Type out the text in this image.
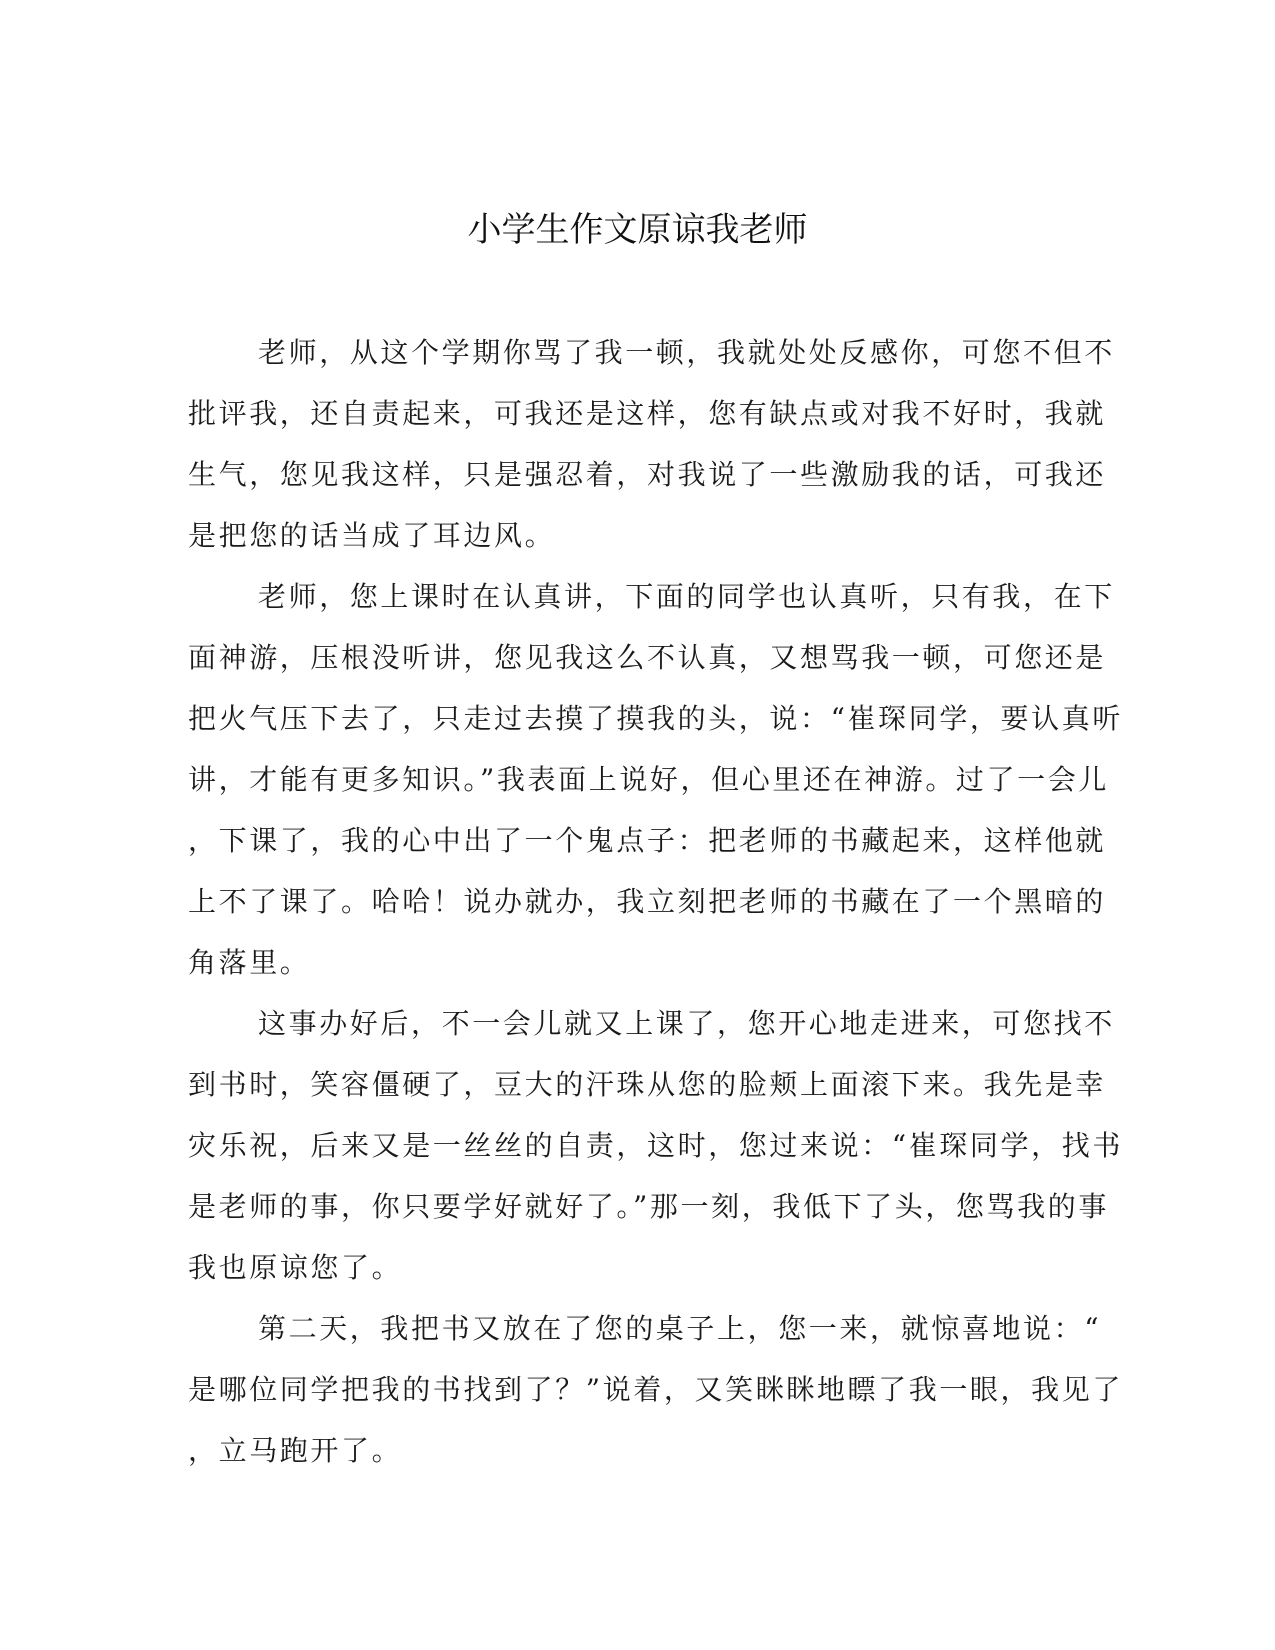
小学生作文原谅我老师
老师，从这个学期你骂了我一顿，我就处处反感你，可您不但不
批评我，还自责起来，可我还是这样，您有缺点或对我不好时，我就
生气，您见我这样，只是强忍着，对我说了一些激励我的话，可我还
是把您的话当成了耳边风。
老师，您上课时在认真讲，下面的同学也认真听，只有我，在下
面神游，压根没听讲，您见我这么不认真，又想骂我一顿，可您还是
把火气压下去了，只走过去摸了摸我的头，说：“崔琛同学，要认真听
讲，才能有更多知识。”我表面上说好，但心里还在神游。过了一会儿
，下课了，我的心中出了一个鬼点子：把老师的书藏起来，这样他就
上不了课了。哈哈！说办就办，我立刻把老师的书藏在了一个黑暗的
角落里。
这事办好后，不一会儿就又上课了，您开心地走进来，可您找不
到书时，笑容僵硬了，豆大的汗珠从您的脸颊上面滚下来。我先是幸
灾乐祝，后来又是一丝丝的自责，这时，您过来说：“崔琛同学，找书
是老师的事，你只要学好就好了。”那一刻，我低下了头，您骂我的事
我也原谅您了。
第二天，我把书又放在了您的桌子上，您一来，就惊喜地说：“
是哪位同学把我的书找到了？”说着，又笑眯眯地瞟了我一眼，我见了
，立马跑开了。
